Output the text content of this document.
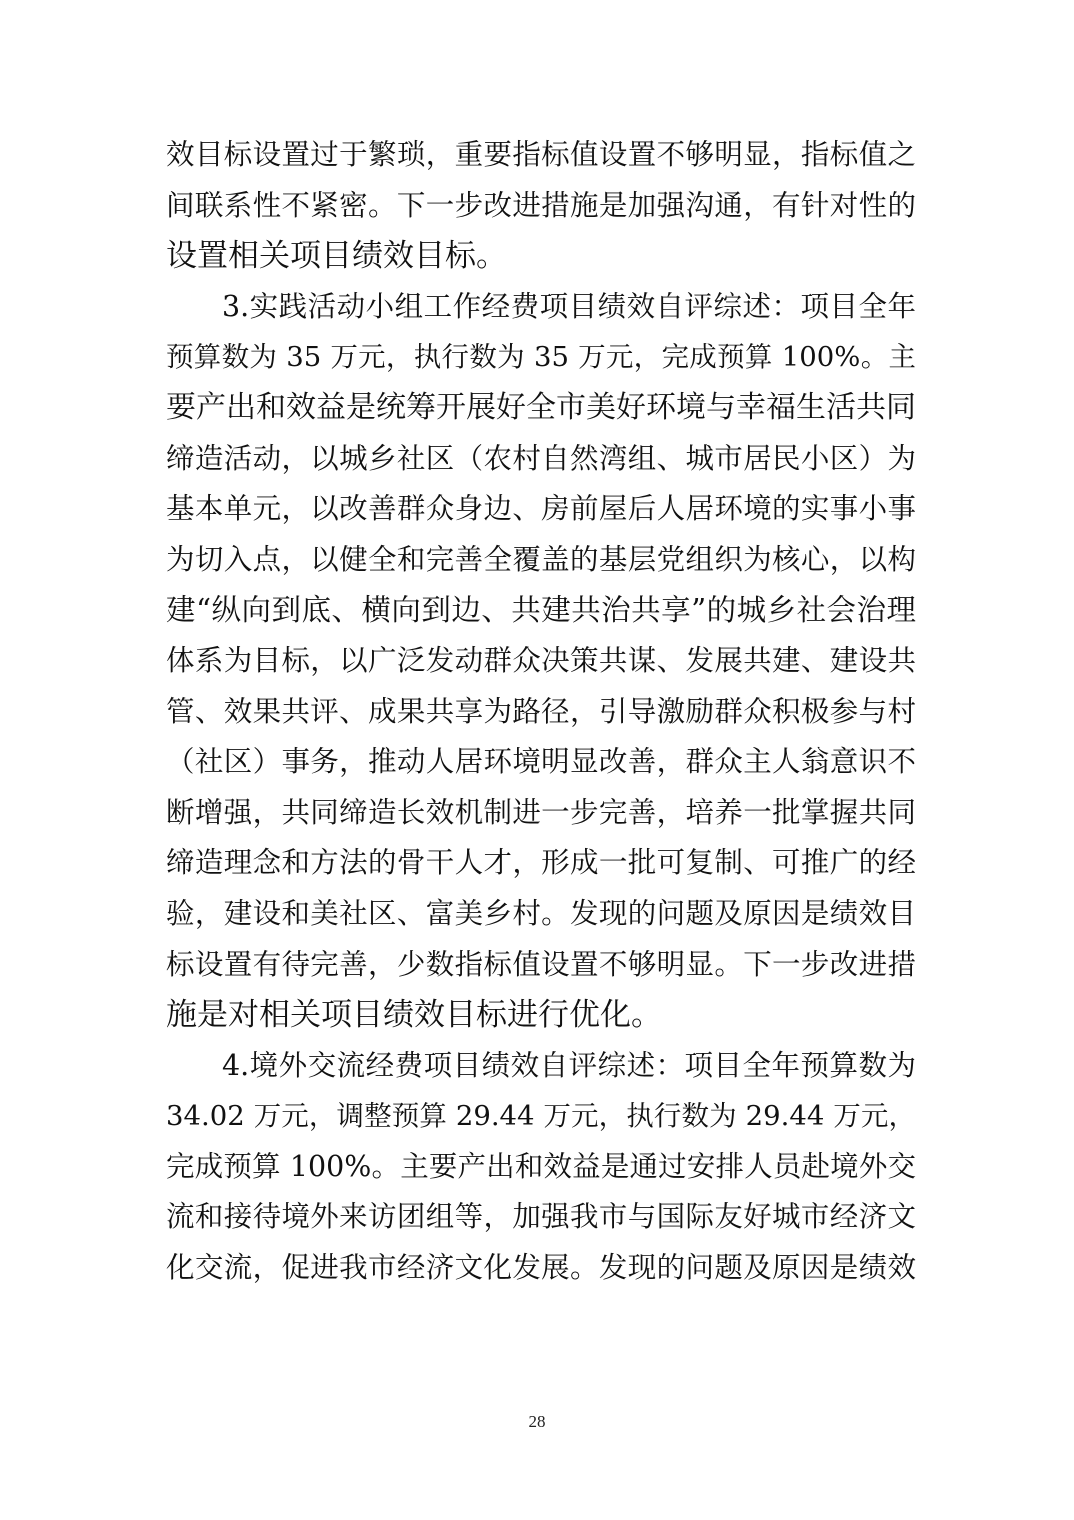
效目标设置过于繁琐，重要指标值设置不够明显，指标值之
间联系性不紧密。下一步改进措施是加强沟通，有针对性的
设置相关项目绩效目标。
3.实践活动小组工作经费项目绩效自评综述：项目全年
预算数为 35 万元，执行数为 35 万元，完成预算 100%。主
要产出和效益是统筹开展好全市美好环境与幸福生活共同
缔造活动，以城乡社区（农村自然湾组、城市居民小区）为
基本单元，以改善群众身边、房前屋后人居环境的实事小事
为切入点，以健全和完善全覆盖的基层党组织为核心，以构
建“纵向到底、横向到边、共建共治共享”的城乡社会治理
体系为目标，以广泛发动群众决策共谋、发展共建、建设共
管、效果共评、成果共享为路径，引导激励群众积极参与村
（社区）事务，推动人居环境明显改善，群众主人翁意识不
断增强，共同缔造长效机制进一步完善，培养一批掌握共同
缔造理念和方法的骨干人才，形成一批可复制、可推广的经
验，建设和美社区、富美乡村。发现的问题及原因是绩效目
标设置有待完善，少数指标值设置不够明显。下一步改进措
施是对相关项目绩效目标进行优化。
4.境外交流经费项目绩效自评综述：项目全年预算数为
34.02 万元，调整预算 29.44 万元，执行数为 29.44 万元，
完成预算 100%。主要产出和效益是通过安排人员赴境外交
流和接待境外来访团组等，加强我市与国际友好城市经济文
化交流，促进我市经济文化发展。发现的问题及原因是绩效
28
